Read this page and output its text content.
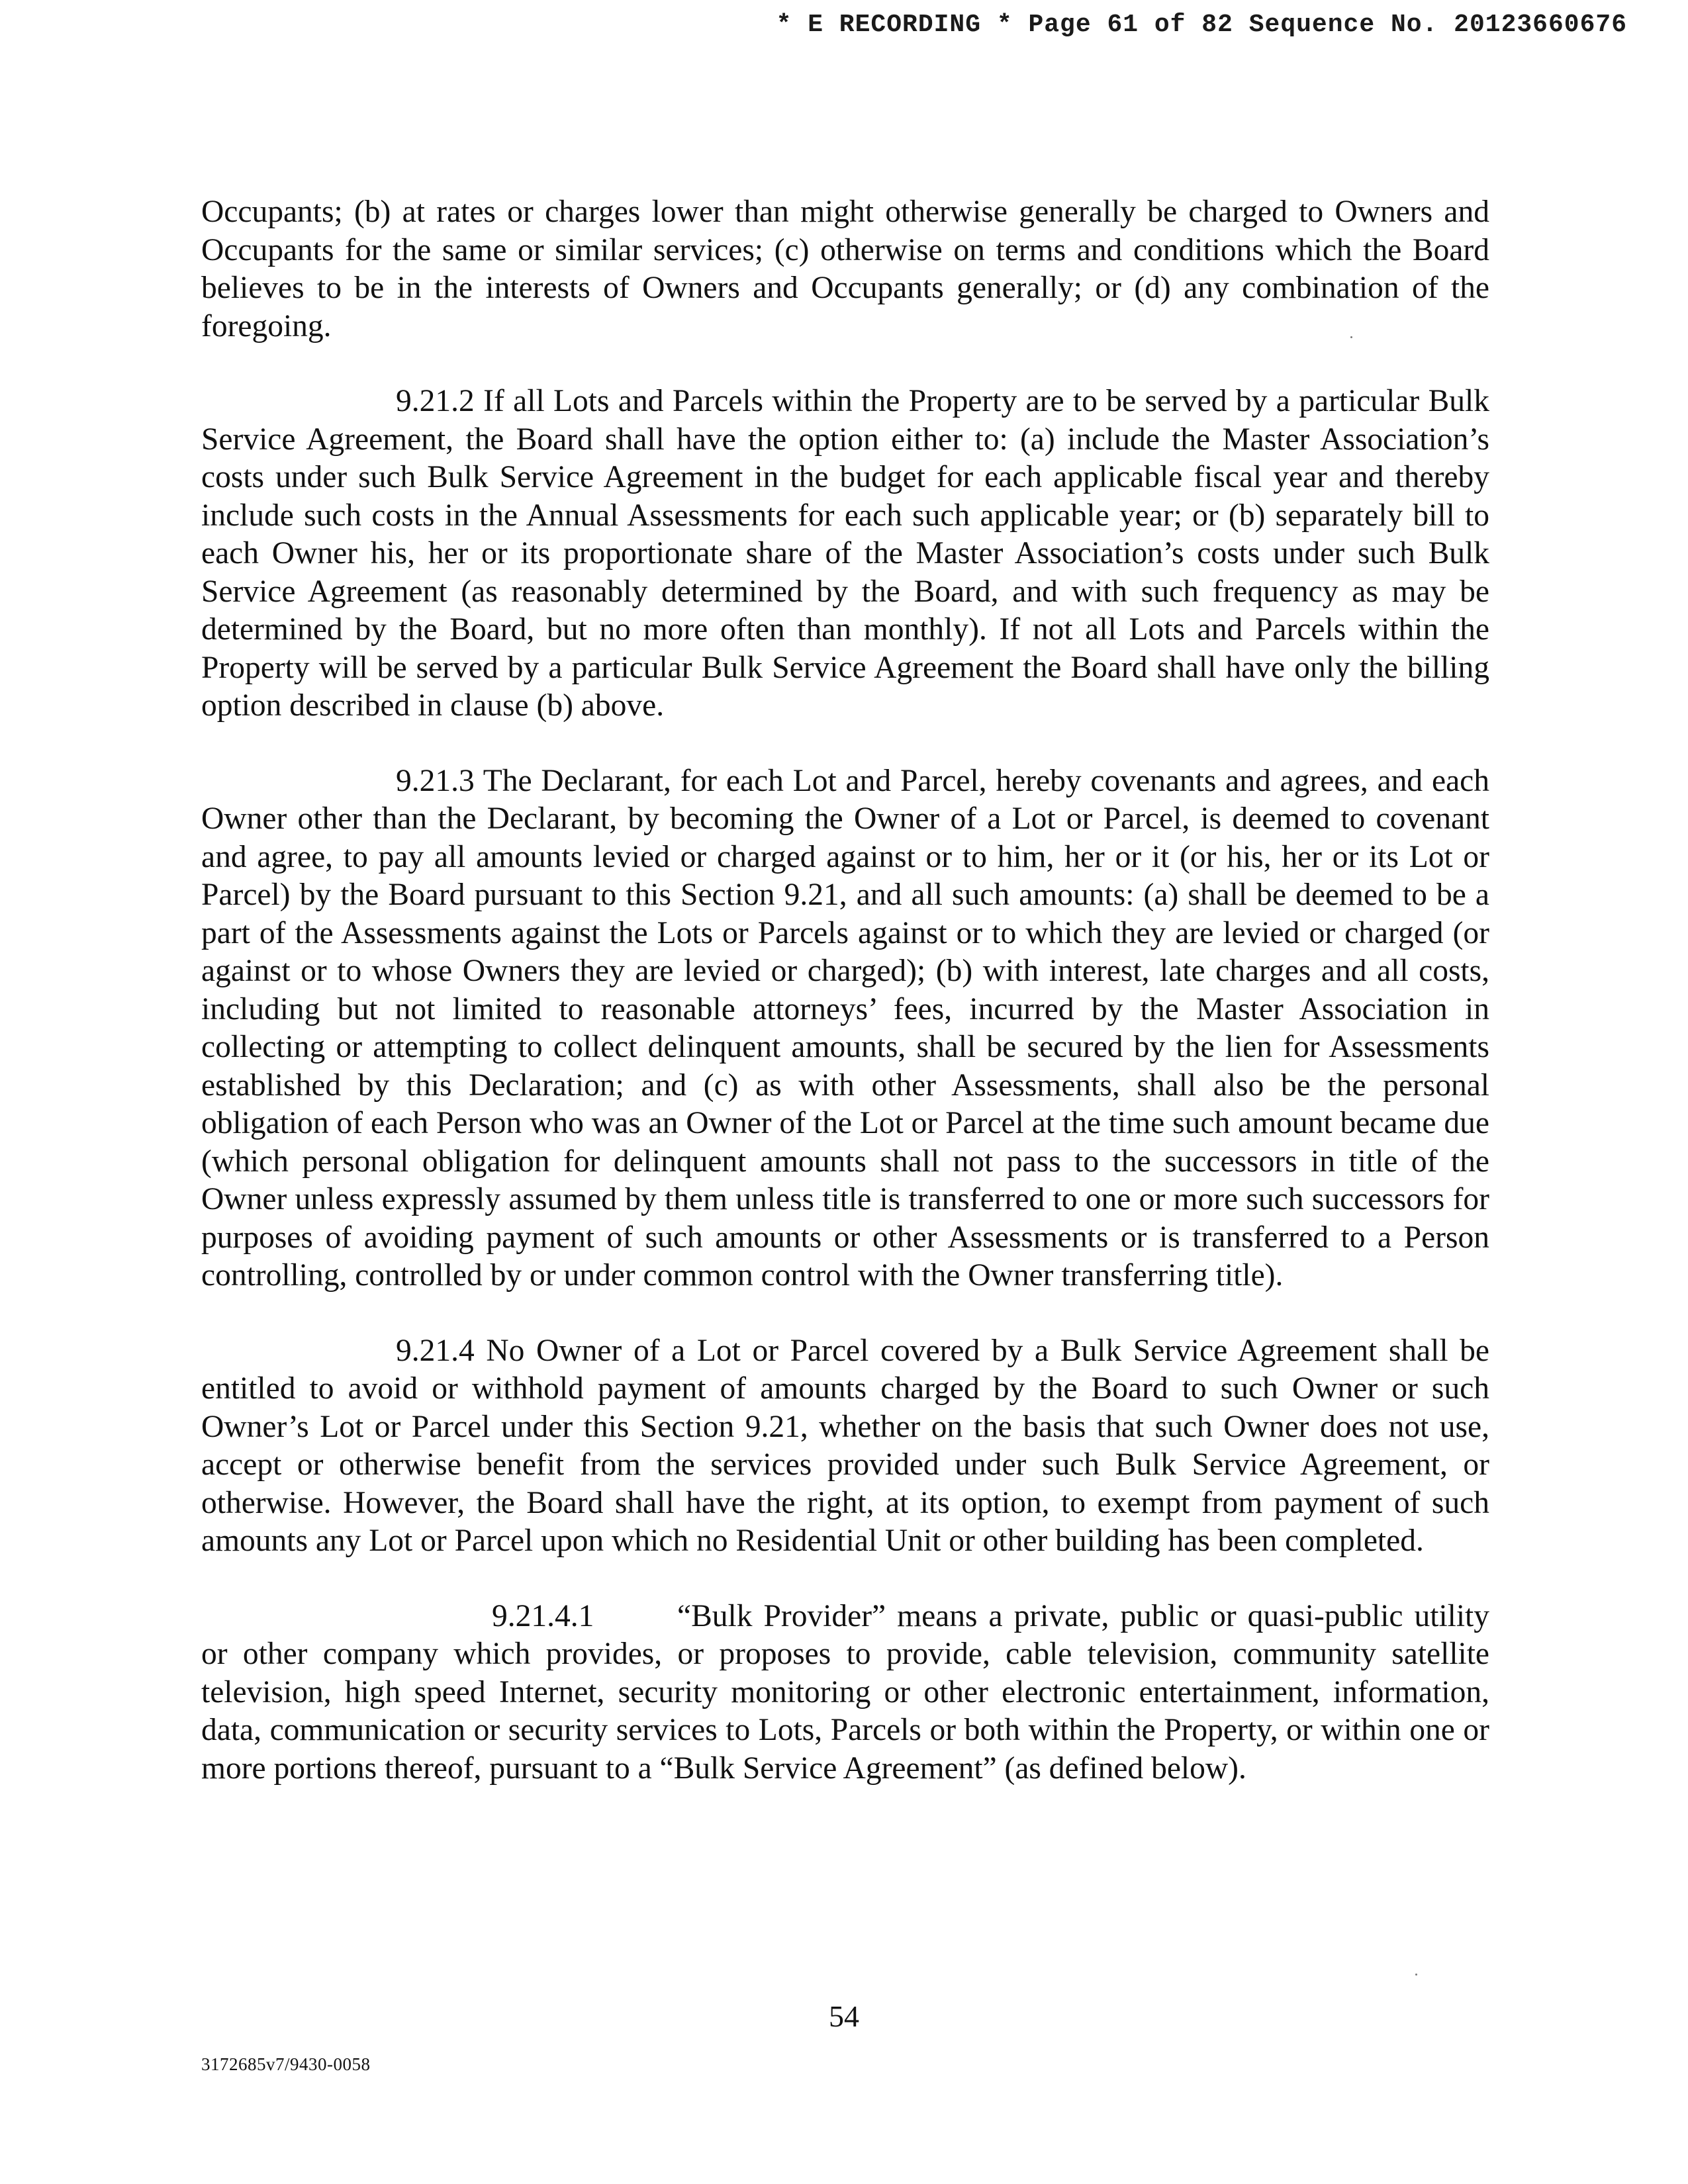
* E RECORDING * Page 61 of 82 Sequence No. 20123660676

Occupants; (b) at rates or charges lower than might otherwise generally be charged to Owners and Occupants for the same or similar services; (c) otherwise on terms and conditions which the Board believes to be in the interests of Owners and Occupants generally; or (d) any combination of the foregoing.

9.21.2 If all Lots and Parcels within the Property are to be served by a particular Bulk Service Agreement, the Board shall have the option either to: (a) include the Master Association’s costs under such Bulk Service Agreement in the budget for each applicable fiscal year and thereby include such costs in the Annual Assessments for each such applicable year; or (b) separately bill to each Owner his, her or its proportionate share of the Master Association’s costs under such Bulk Service Agreement (as reasonably determined by the Board, and with such frequency as may be determined by the Board, but no more often than monthly). If not all Lots and Parcels within the Property will be served by a particular Bulk Service Agreement the Board shall have only the billing option described in clause (b) above.

9.21.3 The Declarant, for each Lot and Parcel, hereby covenants and agrees, and each Owner other than the Declarant, by becoming the Owner of a Lot or Parcel, is deemed to covenant and agree, to pay all amounts levied or charged against or to him, her or it (or his, her or its Lot or Parcel) by the Board pursuant to this Section 9.21, and all such amounts: (a) shall be deemed to be a part of the Assessments against the Lots or Parcels against or to which they are levied or charged (or against or to whose Owners they are levied or charged); (b) with interest, late charges and all costs, including but not limited to reasonable attorneys’ fees, incurred by the Master Association in collecting or attempting to collect delinquent amounts, shall be secured by the lien for Assessments established by this Declaration; and (c) as with other Assessments, shall also be the personal obligation of each Person who was an Owner of the Lot or Parcel at the time such amount became due (which personal obligation for delinquent amounts shall not pass to the successors in title of the Owner unless expressly assumed by them unless title is transferred to one or more such successors for purposes of avoiding payment of such amounts or other Assessments or is transferred to a Person controlling, controlled by or under common control with the Owner transferring title).

9.21.4 No Owner of a Lot or Parcel covered by a Bulk Service Agreement shall be entitled to avoid or withhold payment of amounts charged by the Board to such Owner or such Owner’s Lot or Parcel under this Section 9.21, whether on the basis that such Owner does not use, accept or otherwise benefit from the services provided under such Bulk Service Agreement, or otherwise. However, the Board shall have the right, at its option, to exempt from payment of such amounts any Lot or Parcel upon which no Residential Unit or other building has been completed.

9.21.4.1	“Bulk Provider” means a private, public or quasi-public utility or other company which provides, or proposes to provide, cable television, community satellite television, high speed Internet, security monitoring or other electronic entertainment, information, data, communication or security services to Lots, Parcels or both within the Property, or within one or more portions thereof, pursuant to a “Bulk Service Agreement” (as defined below).

54
3172685v7/9430-0058
